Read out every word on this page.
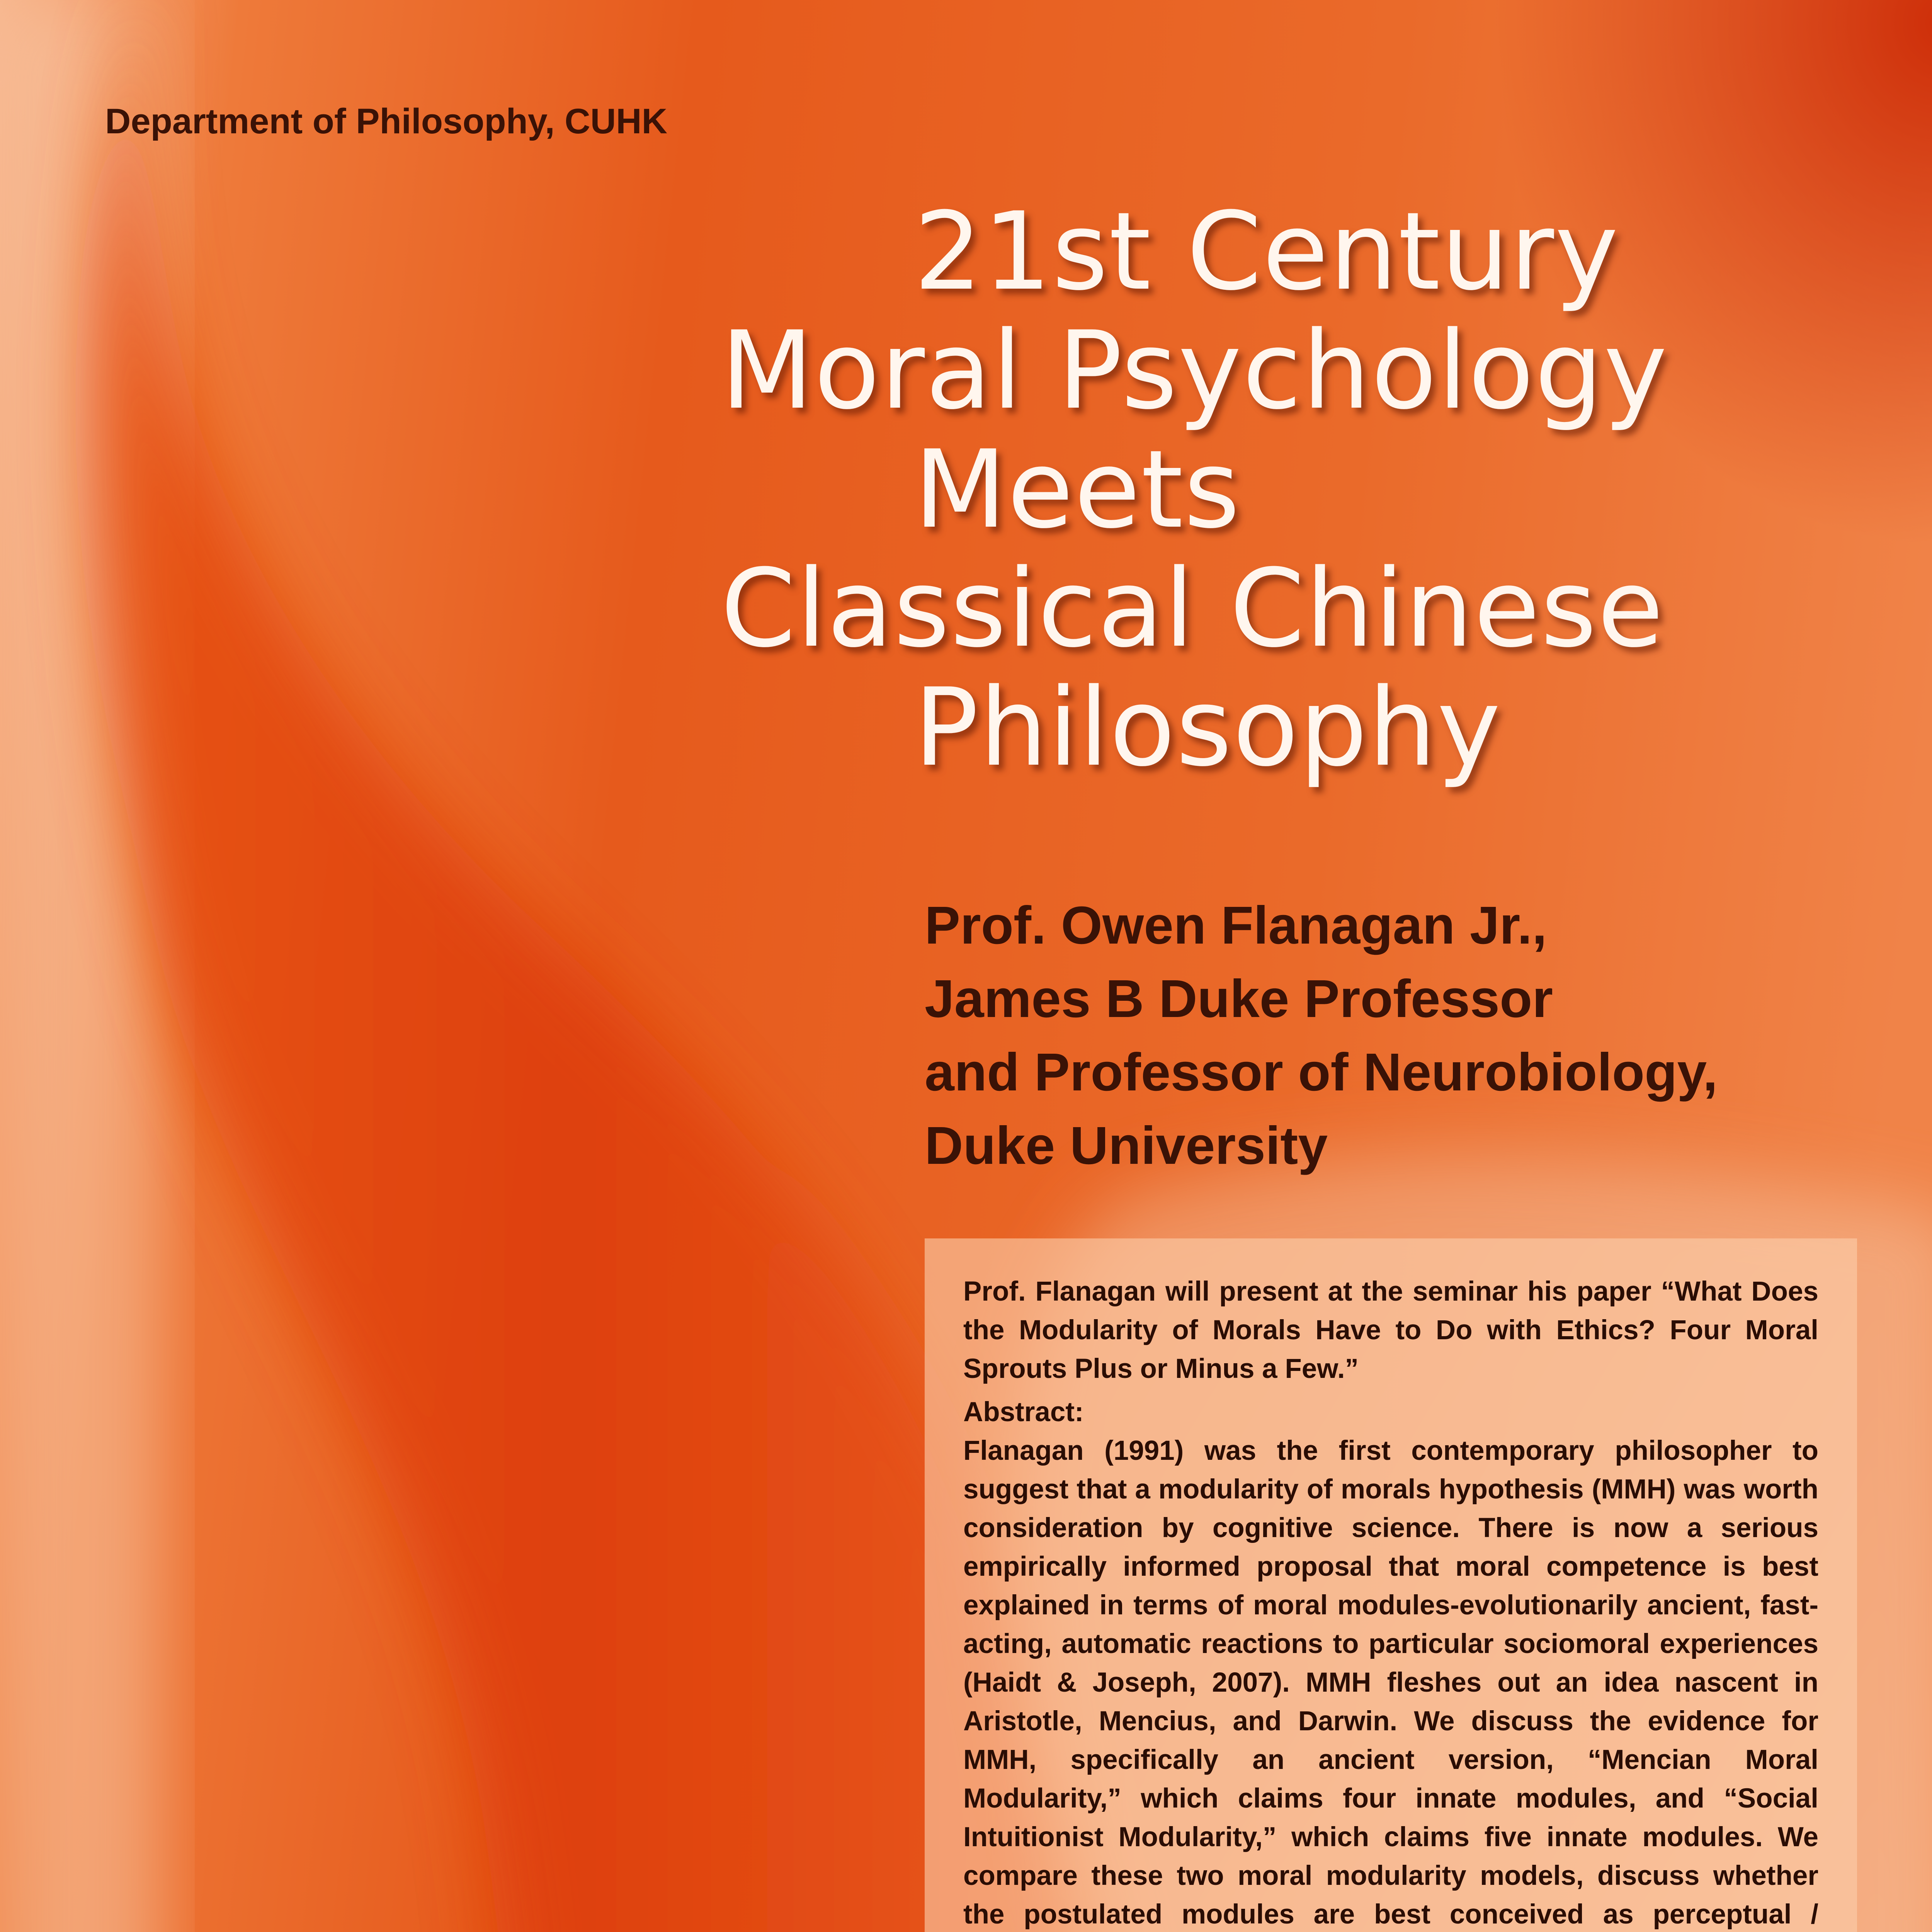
Department of Philosophy, CUHK
21st Century
Moral Psychology
Meets
Classical Chinese
Philosophy
Prof. Owen Flanagan Jr.,
James B Duke Professor
and Professor of Neurobiology,
Duke University

Prof. Flanagan will present at the seminar his paper “What Does the Modularity of Morals Have to Do with Ethics? Four Moral Sprouts Plus or Minus a Few.”

Abstract:

Flanagan (1991) was the first contemporary philosopher to suggest that a modularity of morals hypothesis (MMH) was worth consideration by cognitive science. There is now a serious empirically informed proposal that moral competence is best explained in terms of moral modules-evolutionarily ancient, fast-acting, automatic reactions to particular sociomoral experiences (Haidt & Joseph, 2007). MMH fleshes out an idea nascent in Aristotle, Mencius, and Darwin. We discuss the evidence for MMH, specifically an ancient version, “Mencian Moral Modularity,” which claims four innate modules, and “Social Intuitionist Modularity,” which claims five innate modules. We compare these two moral modularity models, discuss whether the postulated modules are best conceived as perceptual /
